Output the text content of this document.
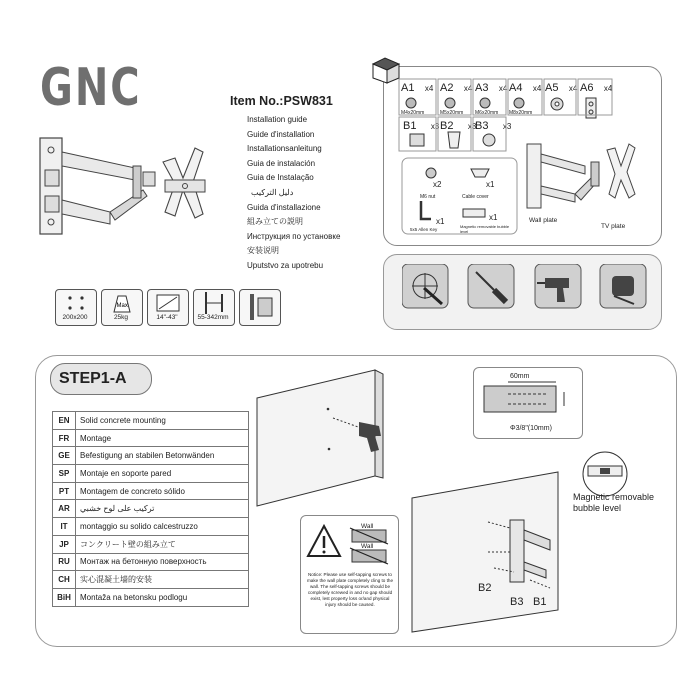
GNC	Item No.:PSW831
Installation guide
Guide d'installation
Installationsanleitung
Guia de instalación
Guia de Instalação
دليل التركيب
Guida d'installazione
組み立ての説明
Инструкция по установке
安装说明
Uputstvo za upotrebu
200x200
Max
25kg	14"-43"	55-342mm
A1 x4
M4x20mm
A2 x4
M5x20mm
A3 x4
M6x20mm
A4 x4
M8x20mm
A5 x4 A6 x4
B1 x3 B2 x3
B3 x3
x2
M6 nut
x1
Cable cover
x1
5x5 Allen Key
x1
Magnetic removable bubble level
Wall plate
TV plate
STEP1-A
EN	Solid concrete mounting
FR	Montage
GE	Befestigung an stabilen Betonwänden
SP	Montaje en soporte pared
PT	Montagem de concreto sólido
AR	تركيب على لوح خشبي
IT	montaggio su solido calcestruzzo
JP	コンクリート壁の組み立て
RU	Монтаж на бетонную поверхность
CH	实心混凝土墙的安装
BiH	Montaža na betonsku podlogu
60mm
Φ3/8"(10mm)
Magnetic removable bubble level
Wall
Wall
Notice: Please use self-tapping screws to make the wall plate completely cling to the wall. The self-tapping screws should be completely screwed in and no gap should exist, lest property loss or/and physical injury should be caused.
B2
B3 B1
